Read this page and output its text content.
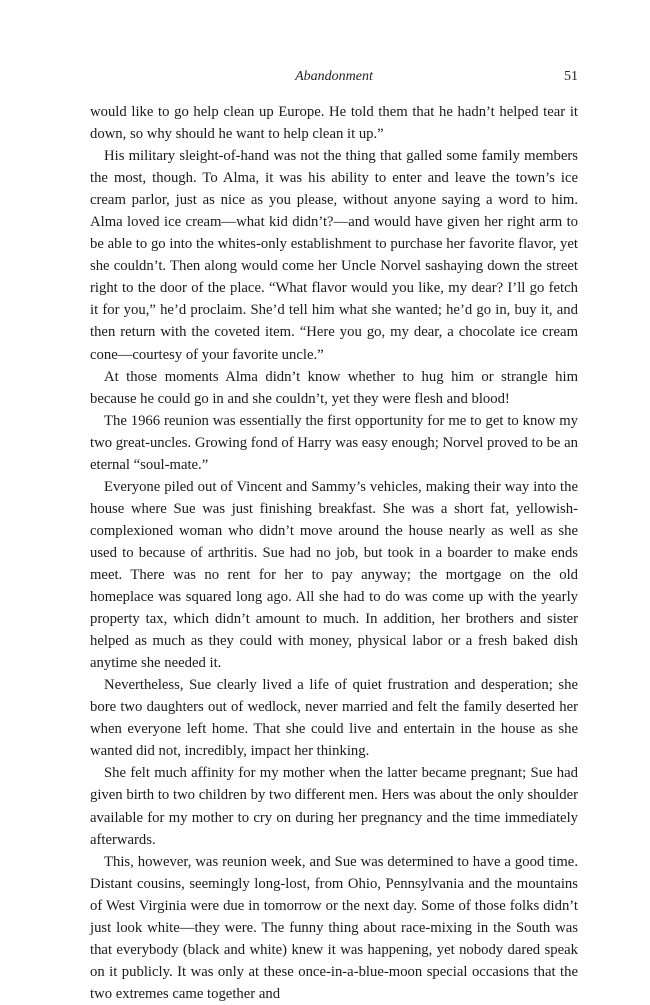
Abandonment	51

would like to go help clean up Europe. He told them that he hadn’t helped tear it down, so why should he want to help clean it up.”

His military sleight-of-hand was not the thing that galled some family members the most, though. To Alma, it was his ability to enter and leave the town’s ice cream parlor, just as nice as you please, without anyone saying a word to him. Alma loved ice cream—what kid didn’t?—and would have given her right arm to be able to go into the whites-only establishment to purchase her favorite flavor, yet she couldn’t. Then along would come her Uncle Norvel sashaying down the street right to the door of the place. “What flavor would you like, my dear? I’ll go fetch it for you,” he’d proclaim. She’d tell him what she wanted; he’d go in, buy it, and then return with the coveted item. “Here you go, my dear, a chocolate ice cream cone—courtesy of your favorite uncle.”

At those moments Alma didn’t know whether to hug him or strangle him because he could go in and she couldn’t, yet they were flesh and blood!

The 1966 reunion was essentially the first opportunity for me to get to know my two great-uncles. Growing fond of Harry was easy enough; Norvel proved to be an eternal “soul-mate.”

Everyone piled out of Vincent and Sammy’s vehicles, making their way into the house where Sue was just finishing breakfast. She was a short fat, yellowish-complexioned woman who didn’t move around the house nearly as well as she used to because of arthritis. Sue had no job, but took in a boarder to make ends meet. There was no rent for her to pay anyway; the mortgage on the old homeplace was squared long ago. All she had to do was come up with the yearly property tax, which didn’t amount to much. In addition, her brothers and sister helped as much as they could with money, physical labor or a fresh baked dish anytime she needed it.

Nevertheless, Sue clearly lived a life of quiet frustration and desperation; she bore two daughters out of wedlock, never married and felt the family deserted her when everyone left home. That she could live and entertain in the house as she wanted did not, incredibly, impact her thinking.

She felt much affinity for my mother when the latter became pregnant; Sue had given birth to two children by two different men. Hers was about the only shoulder available for my mother to cry on during her pregnancy and the time immediately afterwards.

This, however, was reunion week, and Sue was determined to have a good time. Distant cousins, seemingly long-lost, from Ohio, Pennsylvania and the mountains of West Virginia were due in tomorrow or the next day. Some of those folks didn’t just look white—they were. The funny thing about race-mixing in the South was that everybody (black and white) knew it was happening, yet nobody dared speak on it publicly. It was only at these once-in-a-blue-moon special occasions that the two extremes came together and
